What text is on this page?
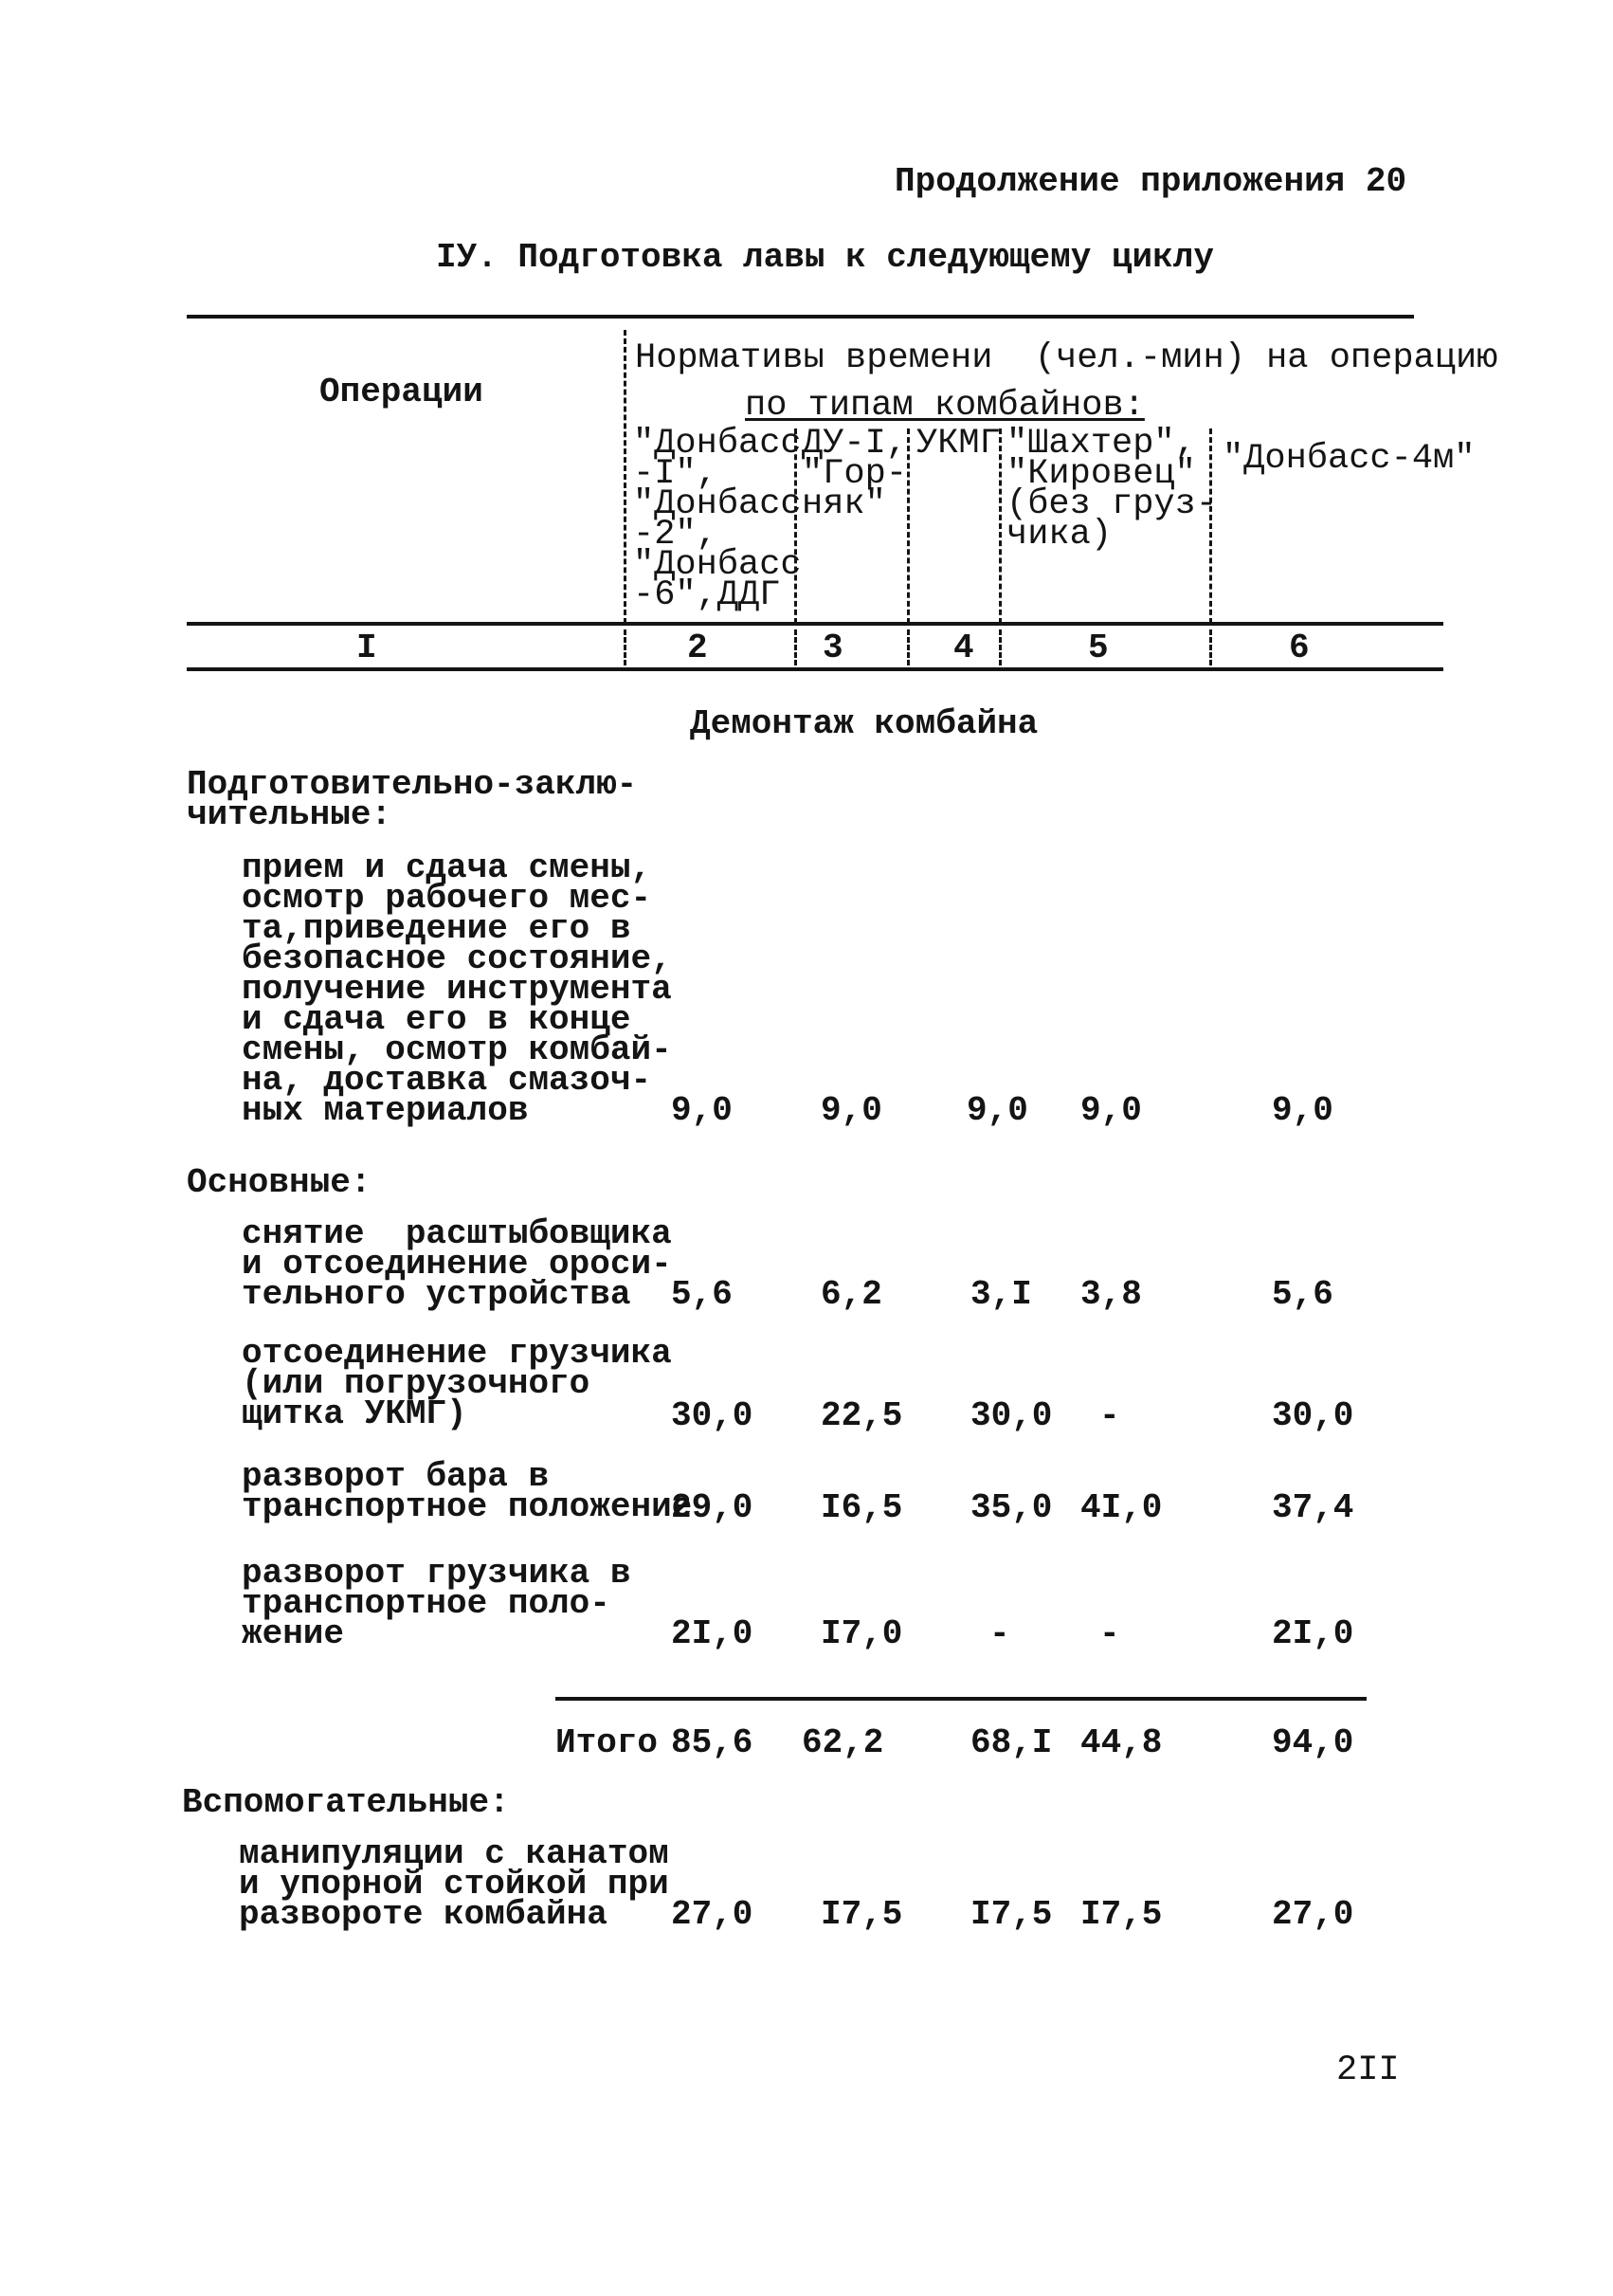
Продолжение приложения 20
IУ. Подготовка лавы к следующему циклу
Операции
Нормативы времени  (чел.-мин) на операцию
по типам комбайнов:
"Донбасс
-I",
"Донбасс
-2",
"Донбасс
-6",ДДГ
ДУ-I,
"Гор-
няк"
УКМГ "Шахтер",
"Кировец"
(без груз-
чика)
"Донбасс-4м"
I	2	3	4	5	6
Демонтаж комбайна
Подготовительно-заклю-
чительные:
прием и сдача смены,
осмотр рабочего мес-
та,приведение его в
безопасное состояние,
получение инструмента
и сдача его в конце
смены, осмотр комбай-
на, доставка смазоч-
ных материалов	9,0	9,0 9,0 9,0	9,0
Основные:
снятие  расштыбовщика
и отсоединение ороси-
тельного устройства	5,6	6,2	3,I 3,8	5,6
отсоединение грузчика
(или погрузочного
щитка УКМГ)	30,0 22,5 30,0 -	30,0
разворот бара в
транспортное положение
29,0 I6,5 35,0 4I,0	37,4
разворот грузчика в
транспортное поло-
жение	2I,0 I7,0	-	-	2I,0
Итого 85,6 62,2	68,I 44,8	94,0
Вспомогательные:
манипуляции с канатом
и упорной стойкой при
развороте комбайна	27,0 I7,5 I7,5 I7,5	27,0
2II
